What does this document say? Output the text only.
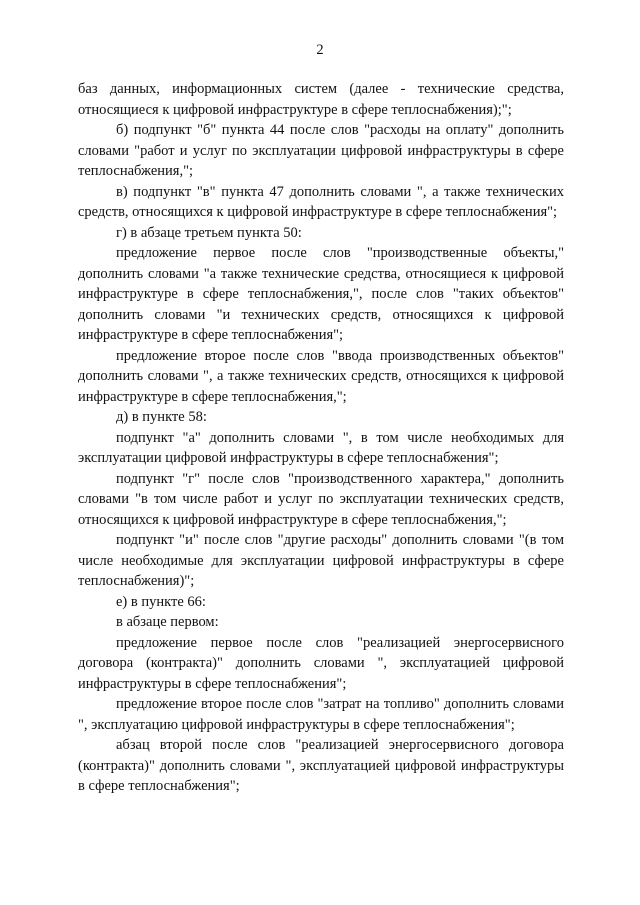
2

баз данных, информационных систем (далее - технические средства, относящиеся к цифровой инфраструктуре в сфере теплоснабжения);";

б) подпункт "б" пункта 44 после слов "расходы на оплату" дополнить словами "работ и услуг по эксплуатации цифровой инфраструктуры в сфере теплоснабжения,";

в) подпункт "в" пункта 47 дополнить словами ", а также технических средств, относящихся к цифровой инфраструктуре в сфере теплоснабжения";

г) в абзаце третьем пункта 50:

предложение первое после слов "производственные объекты," дополнить словами "а также технические средства, относящиеся к цифровой инфраструктуре в сфере теплоснабжения,", после слов "таких объектов" дополнить словами "и технических средств, относящихся к цифровой инфраструктуре в сфере теплоснабжения";

предложение второе после слов "ввода производственных объектов" дополнить словами ", а также технических средств, относящихся к цифровой инфраструктуре в сфере теплоснабжения,";

д) в пункте 58:

подпункт "а" дополнить словами ", в том числе необходимых для эксплуатации цифровой инфраструктуры в сфере теплоснабжения";

подпункт "г" после слов "производственного характера," дополнить словами "в том числе работ и услуг по эксплуатации технических средств, относящихся к цифровой инфраструктуре в сфере теплоснабжения,";

подпункт "и" после слов "другие расходы" дополнить словами "(в том числе необходимые для эксплуатации цифровой инфраструктуры в сфере теплоснабжения)";

е) в пункте 66:

в абзаце первом:

предложение первое после слов "реализацией энергосервисного договора (контракта)" дополнить словами ", эксплуатацией цифровой инфраструктуры в сфере теплоснабжения";

предложение второе после слов "затрат на топливо" дополнить словами ", эксплуатацию цифровой инфраструктуры в сфере теплоснабжения";

абзац второй после слов "реализацией энергосервисного договора (контракта)" дополнить словами ", эксплуатацией цифровой инфраструктуры в сфере теплоснабжения";
